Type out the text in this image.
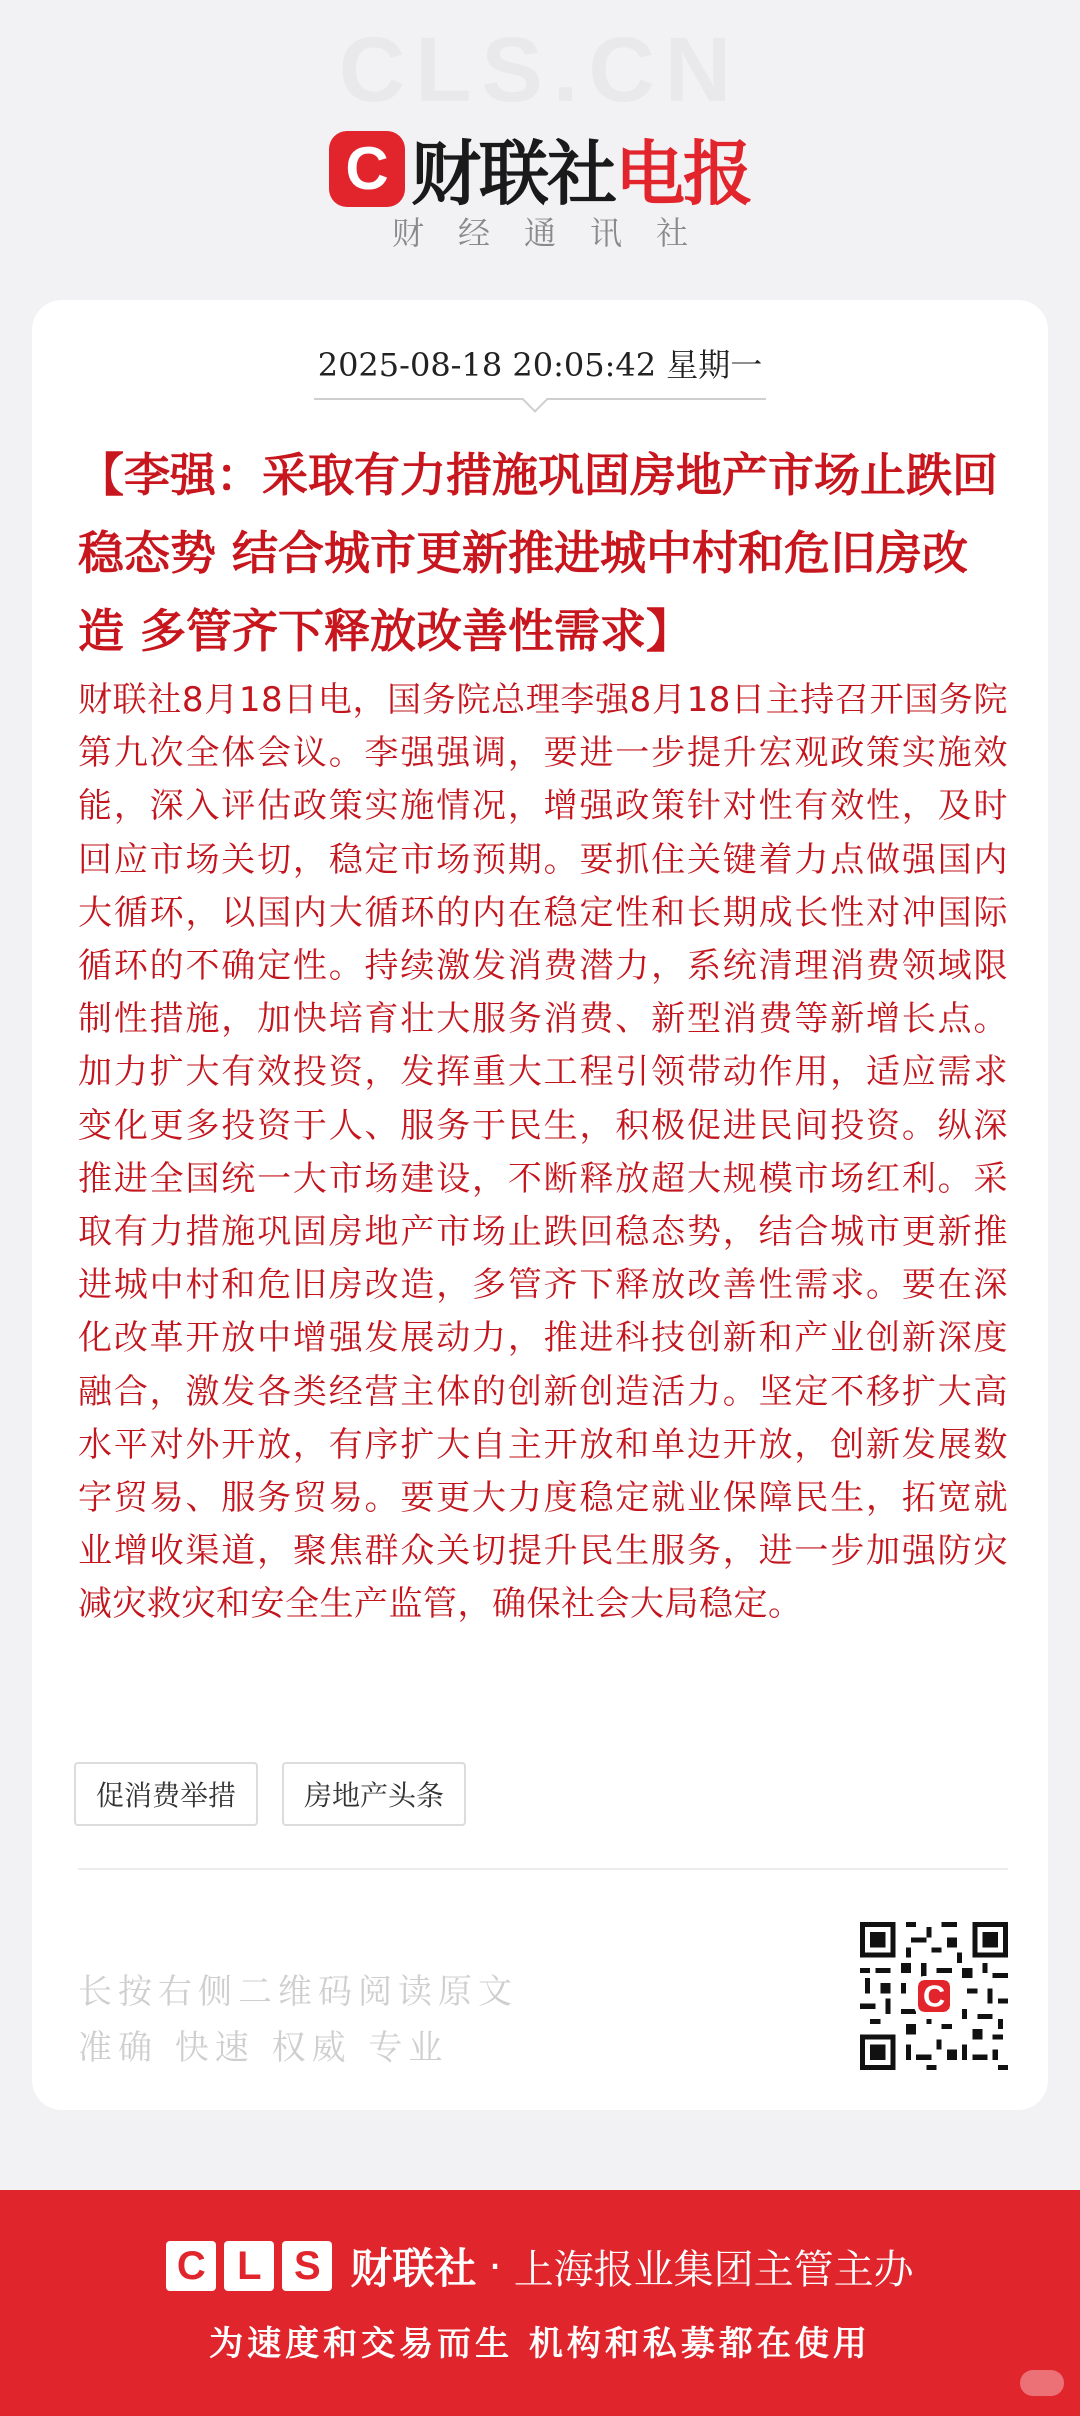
CLS.CN
C 财联社 电报
财经通讯社
2025-08-18 20:05:42 星期一
【李强：采取有力措施巩固房地产市场止跌回稳态势 结合城市更新推进城中村和危旧房改造 多管齐下释放改善性需求】
财联社8月18日电，国务院总理李强8月18日主持召开国务院第九次全体会议。李强强调，要进一步提升宏观政策实施效能，深入评估政策实施情况，增强政策针对性有效性，及时回应市场关切，稳定市场预期。要抓住关键着力点做强国内大循环，以国内大循环的内在稳定性和长期成长性对冲国际循环的不确定性。持续激发消费潜力，系统清理消费领域限制性措施，加快培育壮大服务消费、新型消费等新增长点。加力扩大有效投资，发挥重大工程引领带动作用，适应需求变化更多投资于人、服务于民生，积极促进民间投资。纵深推进全国统一大市场建设，不断释放超大规模市场红利。采取有力措施巩固房地产市场止跌回稳态势，结合城市更新推进城中村和危旧房改造，多管齐下释放改善性需求。要在深化改革开放中增强发展动力，推进科技创新和产业创新深度融合，激发各类经营主体的创新创造活力。坚定不移扩大高水平对外开放，有序扩大自主开放和单边开放，创新发展数字贸易、服务贸易。要更大力度稳定就业保障民生，拓宽就业增收渠道，聚焦群众关切提升民生服务，进一步加强防灾减灾救灾和安全生产监管，确保社会大局稳定。
促消费举措	房地产头条
长按右侧二维码阅读原文
准确 快速 权威 专业
C
C L S 财联社 · 上海报业集团主管主办
为速度和交易而生 机构和私募都在使用
